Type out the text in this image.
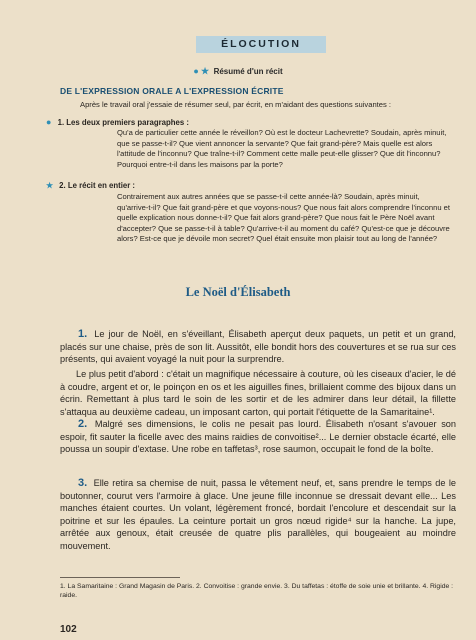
ÉLOCUTION
● ★ Résumé d'un récit
DE L'EXPRESSION ORALE A L'EXPRESSION ÉCRITE
Après le travail oral j'essaie de résumer seul, par écrit, en m'aidant des questions suivantes :
● 1. Les deux premiers paragraphes :
Qu'a de particulier cette année le réveillon? Où est le docteur Lachevrette? Soudain, après minuit, que se passe-t-il? Que vient annoncer la servante? Que fait grand-père? Mais quelle est alors l'attitude de l'inconnu? Que traîne-t-il? Comment cette malle peut-elle glisser? Que dit l'inconnu? Pourquoi entre-t-il dans les maisons par la porte?
★ 2. Le récit en entier :
Contrairement aux autres années que se passe-t-il cette année-là? Soudain, après minuit, qu'arrive-t-il? Que fait grand-père et que voyons-nous? Que nous fait alors comprendre l'inconnu et quelle explication nous donne-t-il? Que fait alors grand-père? Que nous fait le Père Noël avant d'accepter? Que se passe-t-il à table? Qu'arrive-t-il au moment du café? Qu'est-ce que je découvre alors? Est-ce que je dévoile mon secret? Quel était ensuite mon plaisir tout au long de l'année?
Le Noël d'Élisabeth
1. Le jour de Noël, en s'éveillant, Élisabeth aperçut deux paquets, un petit et un grand, placés sur une chaise, près de son lit. Aussitôt, elle bondit hors des couvertures et se rua sur ces présents, qui avaient voyagé la nuit pour la surprendre.
Le plus petit d'abord : c'était un magnifique nécessaire à couture, où les ciseaux d'acier, le dé à coudre, argent et or, le poinçon en os et les aiguilles fines, brillaient comme des bijoux dans un écrin. Remettant à plus tard le soin de les sortir et de les admirer dans leur détail, la fillette s'attaqua au deuxième cadeau, un imposant carton, qui portait l'étiquette de la Samaritaine¹.
2. Malgré ses dimensions, le colis ne pesait pas lourd. Élisabeth n'osant s'avouer son espoir, fit sauter la ficelle avec des mains raidies de convoitise²... Le dernier obstacle écarté, elle poussa un soupir d'extase. Une robe en taffetas³, rose saumon, occupait le fond de la boîte.
3. Elle retira sa chemise de nuit, passa le vêtement neuf, et, sans prendre le temps de le boutonner, courut vers l'armoire à glace. Une jeune fille inconnue se dressait devant elle... Les manches étaient courtes. Un volant, légèrement froncé, bordait l'encolure et descendait sur la poitrine et sur les épaules. La ceinture portait un gros nœud rigide⁴ sur la hanche. La jupe, arrêtée aux genoux, était creusée de quatre plis parallèles, qui bougeaient au moindre mouvement.
1. La Samaritaine : Grand Magasin de Paris. 2. Convoitise : grande envie. 3. Du taffetas : étoffe de soie unie et brillante. 4. Rigide : raide.
102
